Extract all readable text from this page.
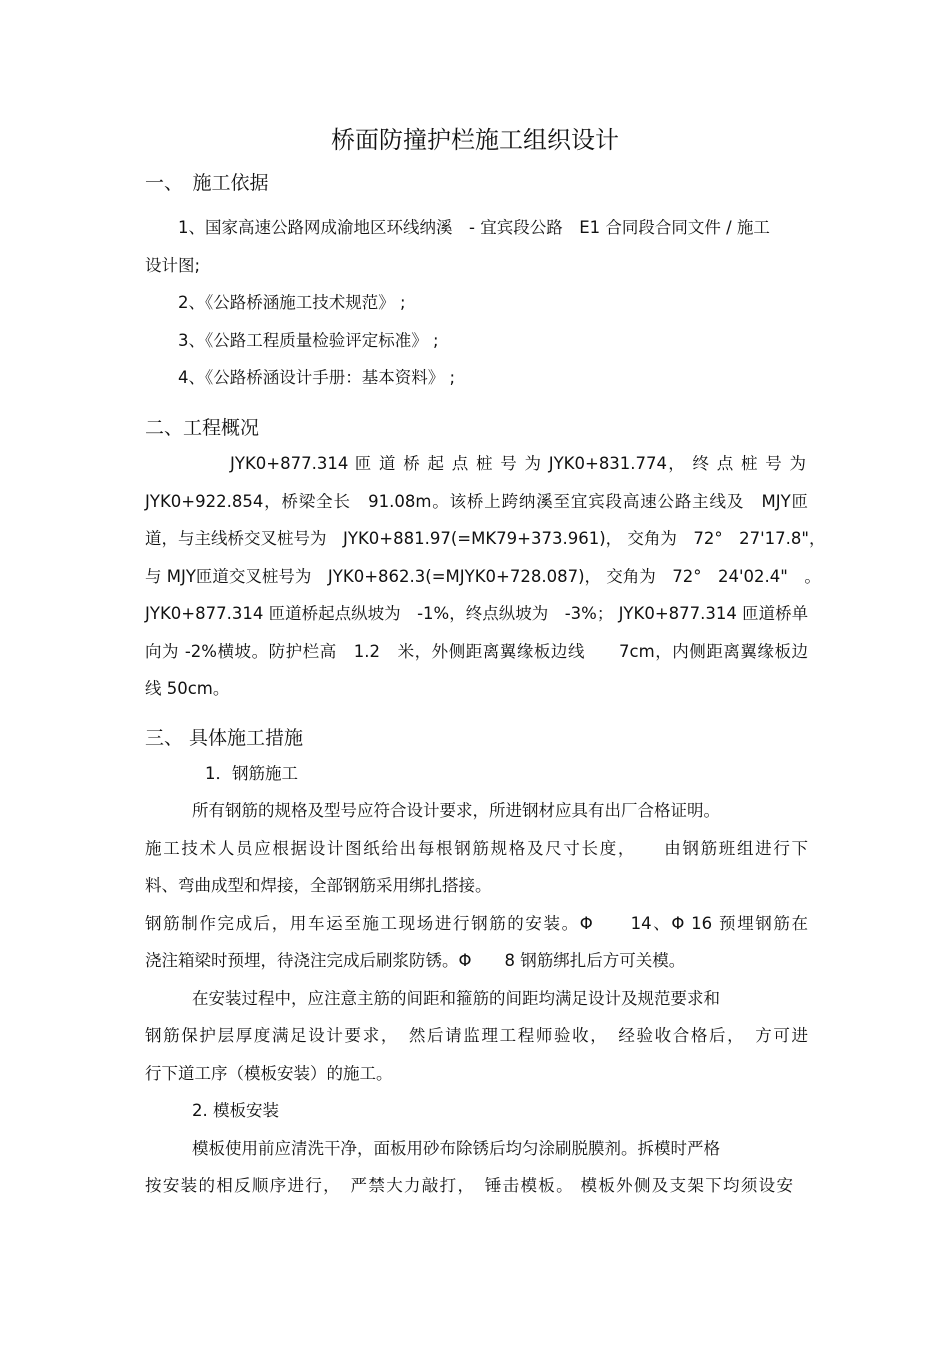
桥面防撞护栏施工组织设计
一、　施工依据
1、国家高速公路网成渝地区环线纳溪　- 宜宾段公路　E1 合同段合同文件 / 施工
设计图;
2、《公路桥涵施工技术规范》 ;
3、《公路工程质量检验评定标准》 ;
4、《公路桥涵设计手册：基本资料》 ;
二、工程概况
JYK0+877.314 匝 道 桥 起 点 桩 号 为 JYK0+831.774， 终 点 桩 号 为
JYK0+922.854，桥梁全长　91.08m。该桥上跨纳溪至宜宾段高速公路主线及　MJY匝
道，与主线桥交叉桩号为　JYK0+881.97(=MK79+373.961)， 交角为　72°　27'17.8"，
与 MJY匝道交叉桩号为　JYK0+862.3(=MJYK0+728.087)， 交角为　72°　24'02.4"　。
JYK0+877.314 匝道桥起点纵坡为　-1%，终点纵坡为　-3%； JYK0+877.314 匝道桥单
向为 -2%横坡。防护栏高　1.2　米，外侧距离翼缘板边线　　7cm，内侧距离翼缘板边
线 50cm。
三、 具体施工措施
1．钢筋施工
所有钢筋的规格及型号应符合设计要求，所进钢材应具有出厂合格证明。
施工技术人员应根据设计图纸给出每根钢筋规格及尺寸长度，　　由钢筋班组进行下
料、弯曲成型和焊接，全部钢筋采用绑扎搭接。
钢筋制作完成后，用车运至施工现场进行钢筋的安装。Φ　　14、Φ 16 预埋钢筋在
浇注箱梁时预埋，待浇注完成后刷浆防锈。Φ　　8 钢筋绑扎后方可关模。
在安装过程中，应注意主筋的间距和箍筋的间距均满足设计及规范要求和
钢筋保护层厚度满足设计要求，　然后请监理工程师验收，　经验收合格后，　方可进
行下道工序（模板安装）的施工。
2. 模板安装
模板使用前应清洗干净，面板用砂布除锈后均匀涂刷脱膜剂。拆模时严格
按安装的相反顺序进行，　严禁大力敲打，　锤击模板。 模板外侧及支架下均须设安
